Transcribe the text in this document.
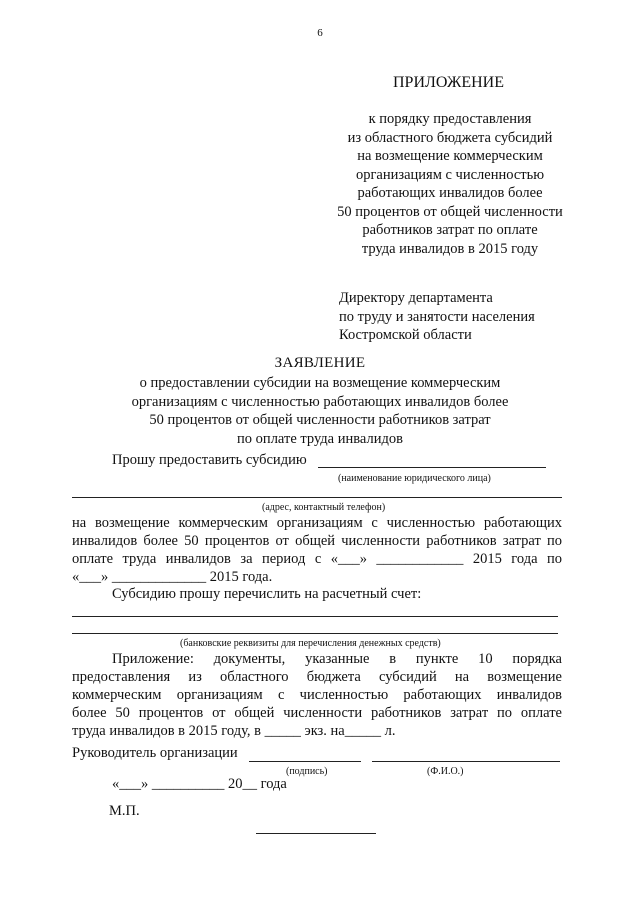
6
ПРИЛОЖЕНИЕ
к порядку предоставления
из областного бюджета субсидий
на возмещение коммерческим
организациям с численностью
работающих инвалидов более
50 процентов от общей численности
работников затрат по оплате
труда инвалидов в 2015 году
Директору департамента
по труду и занятости населения
Костромской области
ЗАЯВЛЕНИЕ
о предоставлении субсидии на возмещение коммерческим
организациям с численностью работающих инвалидов более
50 процентов от общей численности работников затрат
по оплате труда инвалидов
Прошу предоставить субсидию
(наименование юридического лица)
(адрес, контактный телефон)
на возмещение коммерческим организациям с численностью работающих
инвалидов более 50 процентов от общей численности работников затрат по
оплате труда инвалидов за период с «___» ____________ 2015 года по
«___» _____________ 2015 года.
Субсидию прошу перечислить на расчетный счет:
(банковские реквизиты для перечисления денежных средств)
Приложение: документы, указанные в пункте 10 порядка
предоставления из областного бюджета субсидий на возмещение
коммерческим организациям с численностью работающих инвалидов
более 50 процентов от общей численности работников затрат по оплате
труда инвалидов в 2015 году, в _____ экз. на_____ л.
Руководитель организации
(подпись)	(Ф.И.О.)
«___» __________ 20__ года
М.П.
